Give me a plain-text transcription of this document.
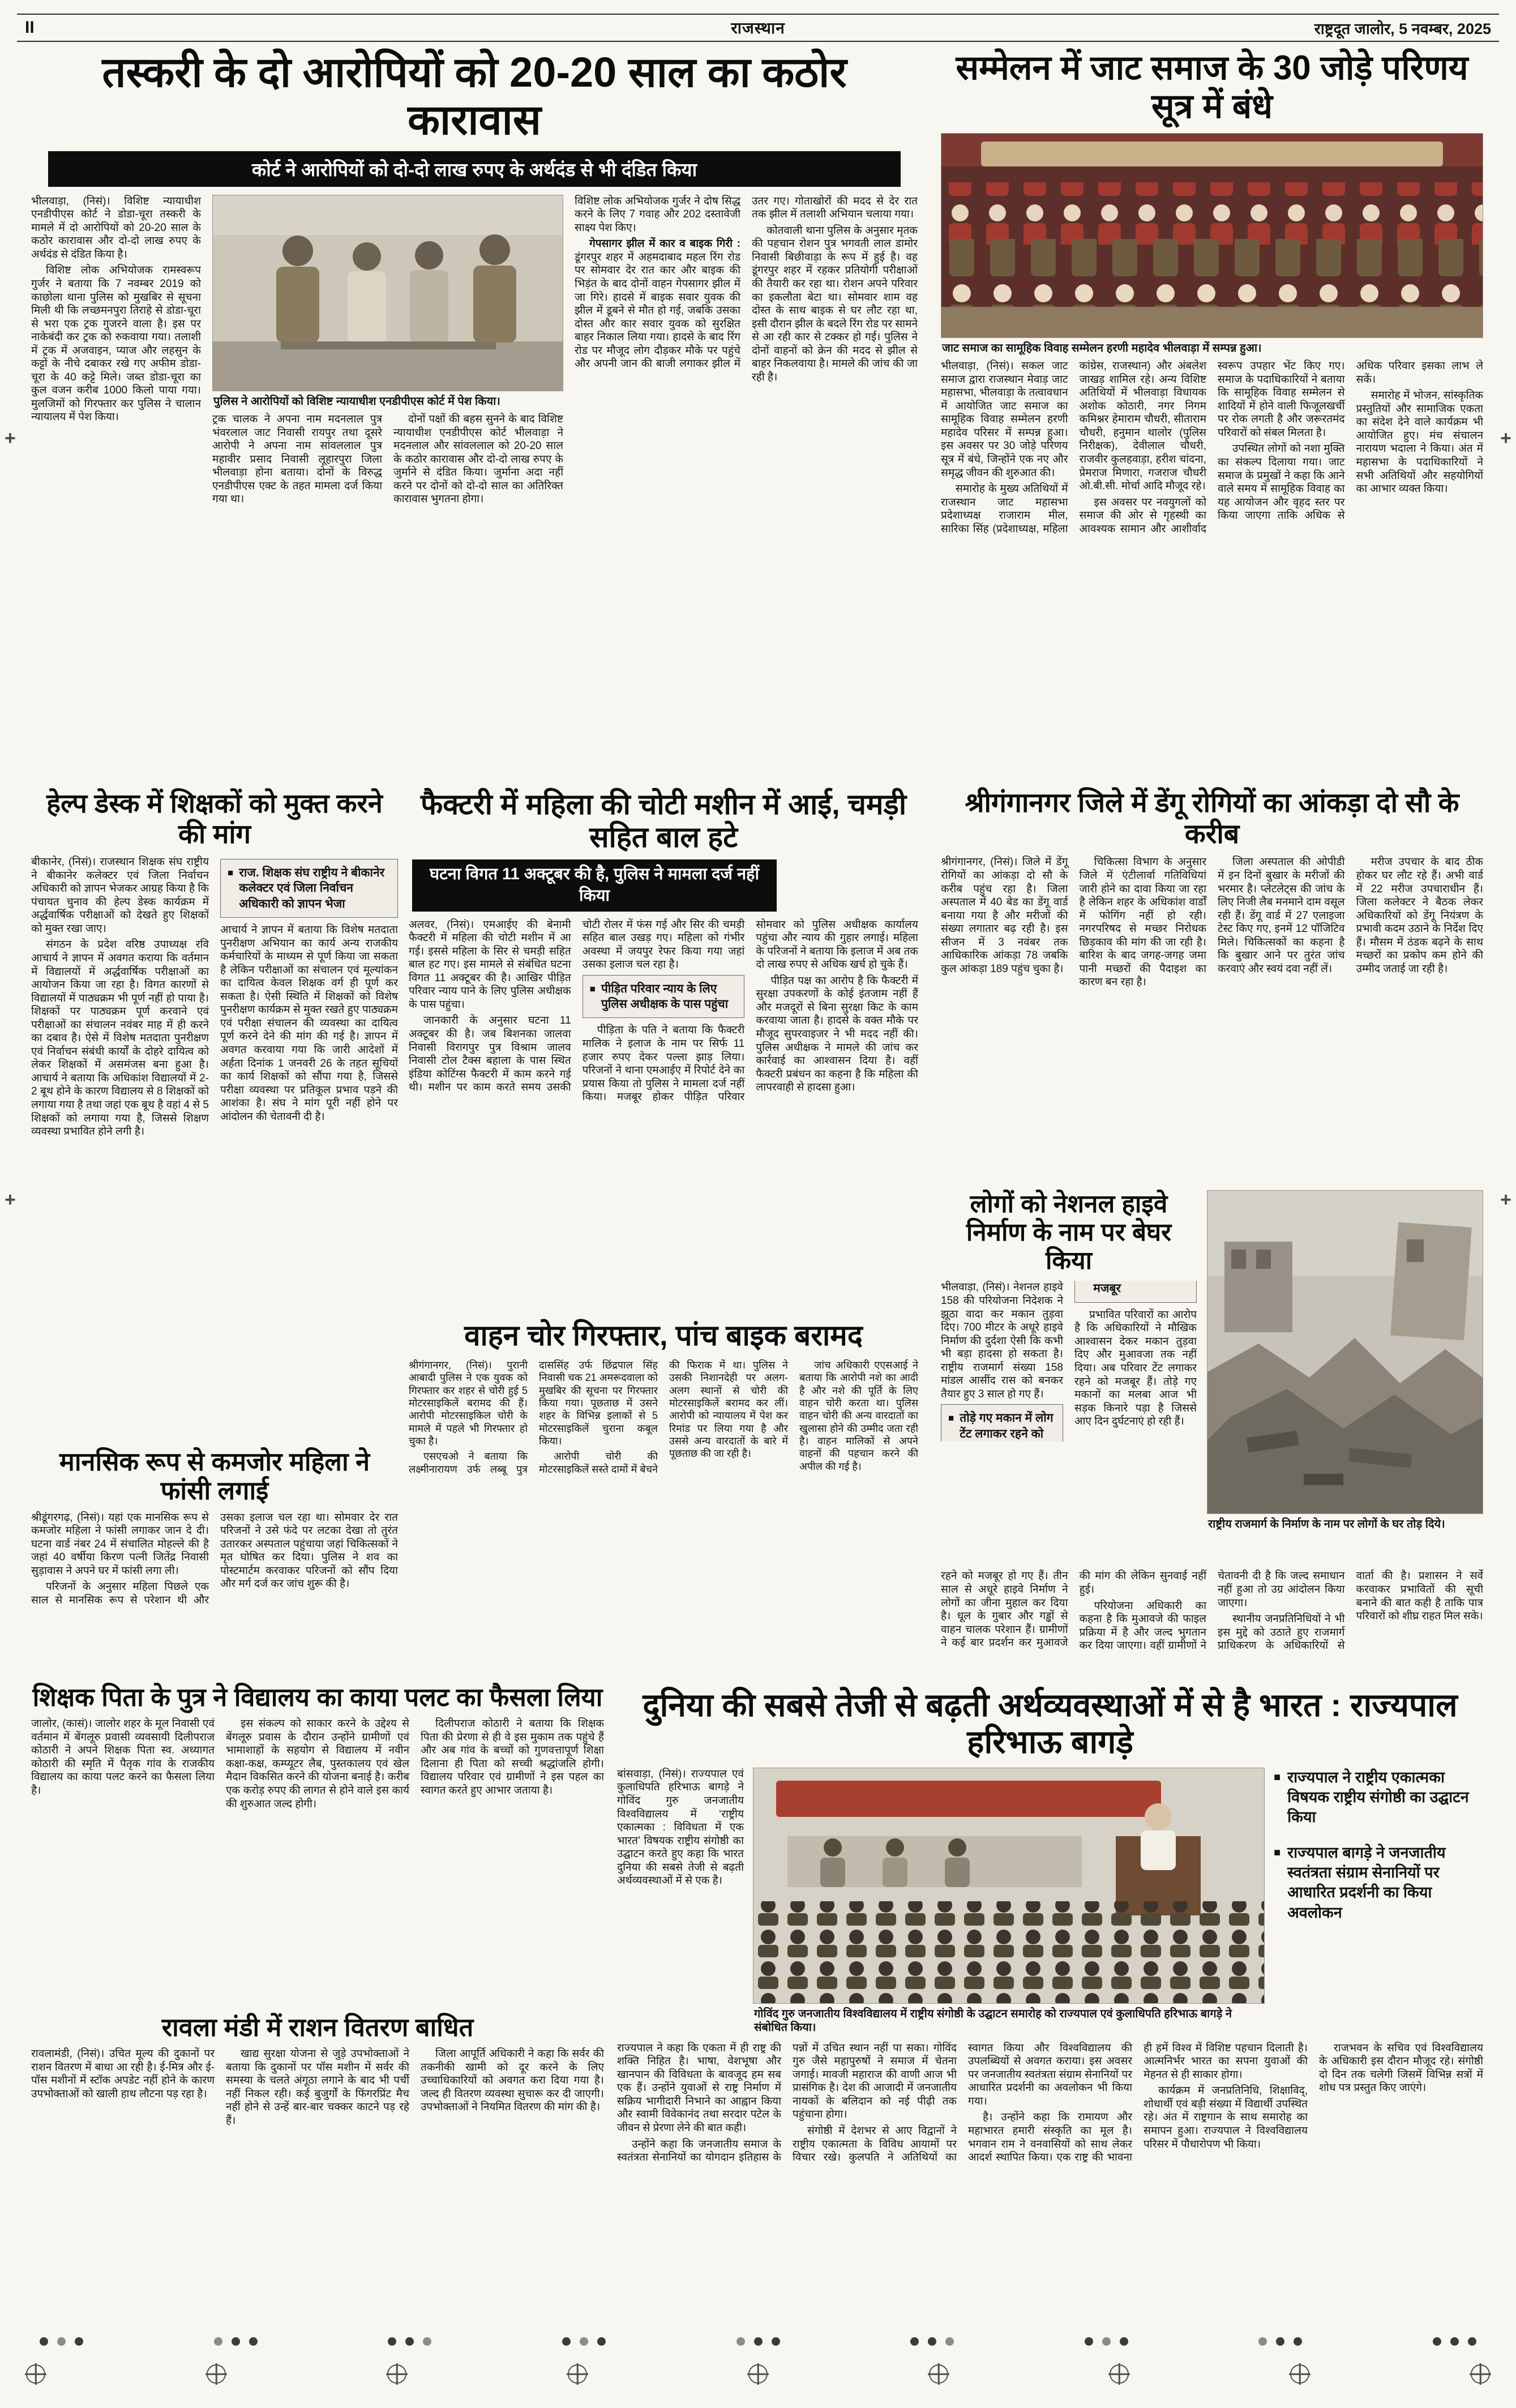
II	राजस्थान	राष्ट्रदूत जालोर, 5 नवम्बर, 2025
तस्करी के दो आरोपियों को 20-20 साल का कठोर कारावास
कोर्ट ने आरोपियों को दो-दो लाख रुपए के अर्थदंड से भी दंडित किया

भीलवाड़ा, (निसं)। विशिष्ट न्यायाधीश एनडीपीएस कोर्ट ने डोडा-चूरा तस्करी के मामले में दो आरोपियों को 20-20 साल के कठोर कारावास और दो-दो लाख रुपए के अर्थदंड से दंडित किया है।

विशिष्ट लोक अभियोजक रामस्वरूप गुर्जर ने बताया कि 7 नवम्बर 2019 को काछोला थाना पुलिस को मुखबिर से सूचना मिली थी कि लच्छमनपुरा तिराहे से डोडा-चूरा से भरा एक ट्रक गुजरने वाला है। इस पर नाकेबंदी कर ट्रक को रुकवाया गया। तलाशी में ट्रक में अजवाइन, प्याज और लहसुन के कट्टों के नीचे दबाकर रखे गए अफीम डोडा-चूरा के 40 कट्टे मिले। जब्त डोडा-चूरा का कुल वजन करीब 1000 किलो पाया गया। मुलजिमों को गिरफ्तार कर पुलिस ने चालान न्यायालय में पेश किया।

पुलिस ने आरोपियों को विशिष्ट न्यायाधीश एनडीपीएस कोर्ट में पेश किया।

ट्रक चालक ने अपना नाम मदनलाल पुत्र भंवरलाल जाट निवासी रायपुर तथा दूसरे आरोपी ने अपना नाम सांवललाल पुत्र महावीर प्रसाद निवासी लूहारपुरा जिला भीलवाड़ा होना बताया। दोनों के विरुद्ध एनडीपीएस एक्ट के तहत मामला दर्ज किया गया था।

दोनों पक्षों की बहस सुनने के बाद विशिष्ट न्यायाधीश एनडीपीएस कोर्ट भीलवाड़ा ने मदनलाल और सांवललाल को 20-20 साल के कठोर कारावास और दो-दो लाख रुपए के जुर्माने से दंडित किया। जुर्माना अदा नहीं करने पर दोनों को दो-दो साल का अतिरिक्त कारावास भुगतना होगा।

विशिष्ट लोक अभियोजक गुर्जर ने दोष सिद्ध करने के लिए 7 गवाह और 202 दस्तावेजी साक्ष्य पेश किए।

गेपसागर झील में कार व बाइक गिरी : डूंगरपुर शहर में अहमदाबाद महल रिंग रोड पर सोमवार देर रात कार और बाइक की भिड़ंत के बाद दोनों वाहन गेपसागर झील में जा गिरे। हादसे में बाइक सवार युवक की झील में डूबने से मौत हो गई, जबकि उसका दोस्त और कार सवार युवक को सुरक्षित बाहर निकाल लिया गया। हादसे के बाद रिंग रोड पर मौजूद लोग दौड़कर मौके पर पहुंचे और अपनी जान की बाजी लगाकर झील में उतर गए। गोताखोरों की मदद से देर रात तक झील में तलाशी अभियान चलाया गया।

कोतवाली थाना पुलिस के अनुसार मृतक की पहचान रोशन पुत्र भगवती लाल डामोर निवासी बिछीवाड़ा के रूप में हुई है। वह डूंगरपुर शहर में रहकर प्रतियोगी परीक्षाओं की तैयारी कर रहा था। रोशन अपने परिवार का इकलौता बेटा था। सोमवार शाम वह दोस्त के साथ बाइक से घर लौट रहा था, इसी दौरान झील के बदले रिंग रोड पर सामने से आ रही कार से टक्कर हो गई। पुलिस ने दोनों वाहनों को क्रेन की मदद से झील से बाहर निकलवाया है। मामले की जांच की जा रही है।

सम्मेलन में जाट समाज के 30 जोड़े परिणय सूत्र में बंधे
जाट समाज का सामूहिक विवाह सम्मेलन हरणी महादेव भीलवाड़ा में सम्पन्न हुआ।

भीलवाड़ा, (निसं)। सकल जाट समाज द्वारा राजस्थान मेवाड़ जाट महासभा, भीलवाड़ा के तत्वावधान में आयोजित जाट समाज का सामूहिक विवाह सम्मेलन हरणी महादेव परिसर में सम्पन्न हुआ। इस अवसर पर 30 जोड़े परिणय सूत्र में बंधे, जिन्होंने एक नए और समृद्ध जीवन की शुरुआत की।

समारोह के मुख्य अतिथियों में राजस्थान जाट महासभा प्रदेशाध्यक्ष राजाराम मील, सारिका सिंह (प्रदेशाध्यक्ष, महिला कांग्रेस, राजस्थान) और अंबलेश जाखड़ शामिल रहे। अन्य विशिष्ट अतिथियों में भीलवाड़ा विधायक अशोक कोठारी, नगर निगम कमिश्नर हेमाराम चौधरी, सीताराम चौधरी, हनुमान थालोर (पुलिस निरीक्षक), देवीलाल चौधरी, राजवीर कुलहवाड़ा, हरीश चांदना, प्रेमराज मिणारा, गजराज चौधरी ओ.बी.सी. मोर्चा आदि मौजूद रहे।

इस अवसर पर नवयुगलों को समाज की ओर से गृहस्थी का आवश्यक सामान और आशीर्वाद स्वरूप उपहार भेंट किए गए। समाज के पदाधिकारियों ने बताया कि सामूहिक विवाह सम्मेलन से शादियों में होने वाली फिजूलखर्ची पर रोक लगती है और जरूरतमंद परिवारों को संबल मिलता है।

उपस्थित लोगों को नशा मुक्ति का संकल्प दिलाया गया। जाट समाज के प्रमुखों ने कहा कि आने वाले समय में सामूहिक विवाह का यह आयोजन और वृहद स्तर पर किया जाएगा ताकि अधिक से अधिक परिवार इसका लाभ ले सकें।

समारोह में भोजन, सांस्कृतिक प्रस्तुतियों और सामाजिक एकता का संदेश देने वाले कार्यक्रम भी आयोजित हुए। मंच संचालन नारायण भदाला ने किया। अंत में महासभा के पदाधिकारियों ने सभी अतिथियों और सहयोगियों का आभार व्यक्त किया।

हेल्प डेस्क में शिक्षकों को मुक्त करने की मांग

बीकानेर, (निसं)। राजस्थान शिक्षक संघ राष्ट्रीय ने बीकानेर कलेक्टर एवं जिला निर्वाचन अधिकारी को ज्ञापन भेजकर आग्रह किया है कि पंचायत चुनाव की हेल्प डेस्क कार्यक्रम में अर्द्धवार्षिक परीक्षाओं को देखते हुए शिक्षकों को मुक्त रखा जाए।

संगठन के प्रदेश वरिष्ठ उपाध्यक्ष रवि आचार्य ने ज्ञापन में अवगत कराया कि वर्तमान में विद्यालयों में अर्द्धवार्षिक परीक्षाओं का आयोजन किया जा रहा है। विगत कारणों से विद्यालयों में पाठ्यक्रम भी पूर्ण नहीं हो पाया है। शिक्षकों पर पाठ्यक्रम पूर्ण करवाने एवं परीक्षाओं का संचालन नवंबर माह में ही करने का दबाव है। ऐसे में विशेष मतदाता पुनरीक्षण एवं निर्वाचन संबंधी कार्यों के दोहरे दायित्व को लेकर शिक्षकों में असमंजस बना हुआ है। आचार्य ने बताया कि अधिकांश विद्यालयों में 2-2 बूथ होने के कारण विद्यालय से 8 शिक्षकों को लगाया गया है तथा जहां एक बूथ है वहां 4 से 5 शिक्षकों को लगाया गया है, जिससे शिक्षण व्यवस्था प्रभावित होने लगी है।

■ राज. शिक्षक संघ राष्ट्रीय ने बीकानेर कलेक्टर एवं जिला निर्वाचन अधिकारी को ज्ञापन भेजा

आचार्य ने ज्ञापन में बताया कि विशेष मतदाता पुनरीक्षण अभियान का कार्य अन्य राजकीय कर्मचारियों के माध्यम से पूर्ण किया जा सकता है लेकिन परीक्षाओं का संचालन एवं मूल्यांकन का दायित्व केवल शिक्षक वर्ग ही पूर्ण कर सकता है। ऐसी स्थिति में शिक्षकों को विशेष पुनरीक्षण कार्यक्रम से मुक्त रखते हुए पाठ्यक्रम एवं परीक्षा संचालन की व्यवस्था का दायित्व पूर्ण करने देने की मांग की गई है। ज्ञापन में अवगत करवाया गया कि जारी आदेशों में अर्हता दिनांक 1 जनवरी 26 के तहत सूचियों का कार्य शिक्षकों को सौंपा गया है, जिससे परीक्षा व्यवस्था पर प्रतिकूल प्रभाव पड़ने की आशंका है। संघ ने मांग पूरी नहीं होने पर आंदोलन की चेतावनी दी है।

फैक्टरी में महिला की चोटी मशीन में आई, चमड़ी सहित बाल हटे
घटना विगत 11 अक्टूबर की है, पुलिस ने मामला दर्ज नहीं किया

अलवर, (निसं)। एमआईए की बेनामी फैक्टरी में महिला की चोटी मशीन में आ गई। इससे महिला के सिर से चमड़ी सहित बाल हट गए। इस मामले से संबंधित घटना विगत 11 अक्टूबर की है। आखिर पीड़ित परिवार न्याय पाने के लिए पुलिस अधीक्षक के पास पहुंचा।

जानकारी के अनुसार घटना 11 अक्टूबर की है। जब बिशनका जालवा निवासी विरागपुर पुत्र विश्राम जालव निवासी टोल टैक्स बहाला के पास स्थित इंडिया कोटिंग्स फैक्टरी में काम करने गई थी। मशीन पर काम करते समय उसकी चोटी रोलर में फंस गई और सिर की चमड़ी सहित बाल उखड़ गए। महिला को गंभीर अवस्था में जयपुर रेफर किया गया जहां उसका इलाज चल रहा है।

■ पीड़ित परिवार न्याय के लिए पुलिस अधीक्षक के पास पहुंचा

पीड़िता के पति ने बताया कि फैक्टरी मालिक ने इलाज के नाम पर सिर्फ 11 हजार रुपए देकर पल्ला झाड़ लिया। परिजनों ने थाना एमआईए में रिपोर्ट देने का प्रयास किया तो पुलिस ने मामला दर्ज नहीं किया। मजबूर होकर पीड़ित परिवार सोमवार को पुलिस अधीक्षक कार्यालय पहुंचा और न्याय की गुहार लगाई। महिला के परिजनों ने बताया कि इलाज में अब तक दो लाख रुपए से अधिक खर्च हो चुके हैं।

पीड़ित पक्ष का आरोप है कि फैक्टरी में सुरक्षा उपकरणों के कोई इंतजाम नहीं हैं और मजदूरों से बिना सुरक्षा किट के काम करवाया जाता है। हादसे के वक्त मौके पर मौजूद सुपरवाइजर ने भी मदद नहीं की। पुलिस अधीक्षक ने मामले की जांच कर कार्रवाई का आश्वासन दिया है। वहीं फैक्टरी प्रबंधन का कहना है कि महिला की लापरवाही से हादसा हुआ।

श्रीगंगानगर जिले में डेंगू रोगियों का आंकड़ा दो सौ के करीब

श्रीगंगानगर, (निसं)। जिले में डेंगू रोगियों का आंकड़ा दो सौ के करीब पहुंच रहा है। जिला अस्पताल में 40 बेड का डेंगू वार्ड बनाया गया है और मरीजों की संख्या लगातार बढ़ रही है। इस सीजन में 3 नवंबर तक आधिकारिक आंकड़ा 78 जबकि कुल आंकड़ा 189 पहुंच चुका है।

चिकित्सा विभाग के अनुसार जिले में एंटीलार्वा गतिविधियां जारी होने का दावा किया जा रहा है लेकिन शहर के अधिकांश वार्डों में फोगिंग नहीं हो रही। नगरपरिषद से मच्छर निरोधक छिड़काव की मांग की जा रही है। बारिश के बाद जगह-जगह जमा पानी मच्छरों की पैदाइश का कारण बन रहा है।

जिला अस्पताल की ओपीडी में इन दिनों बुखार के मरीजों की भरमार है। प्लेटलेट्स की जांच के लिए निजी लैब मनमाने दाम वसूल रही हैं। डेंगू वार्ड में 27 एलाइजा टेस्ट किए गए, इनमें 12 पॉजिटिव मिले। चिकित्सकों का कहना है कि बुखार आने पर तुरंत जांच करवाएं और स्वयं दवा नहीं लें।

मरीज उपचार के बाद ठीक होकर घर लौट रहे हैं। अभी वार्ड में 22 मरीज उपचाराधीन हैं। जिला कलेक्टर ने बैठक लेकर अधिकारियों को डेंगू नियंत्रण के प्रभावी कदम उठाने के निर्देश दिए हैं। मौसम में ठंडक बढ़ने के साथ मच्छरों का प्रकोप कम होने की उम्मीद जताई जा रही है।

लोगों को नेशनल हाइवे निर्माण के नाम पर बेघर किया

भीलवाड़ा, (निसं)। नेशनल हाइवे 158 की परियोजना निदेशक ने झूठा वादा कर मकान तुड़वा दिए। 700 मीटर के अधूरे हाइवे निर्माण की दुर्दशा ऐसी कि कभी भी बड़ा हादसा हो सकता है। राष्ट्रीय राजमार्ग संख्या 158 मांडल आसींद रास को बनकर तैयार हुए 3 साल हो गए हैं।

■ तोड़े गए मकान में लोग टेंट लगाकर रहने को मजबूर

प्रभावित परिवारों का आरोप है कि अधिकारियों ने मौखिक आश्वासन देकर मकान तुड़वा दिए और मुआवजा तक नहीं दिया। अब परिवार टेंट लगाकर रहने को मजबूर हैं। तोड़े गए मकानों का मलबा आज भी सड़क किनारे पड़ा है जिससे आए दिन दुर्घटनाएं हो रही हैं।

राष्ट्रीय राजमार्ग के निर्माण के नाम पर लोगों के घर तोड़ दिये।

रहने को मजबूर हो गए हैं। तीन साल से अधूरे हाइवे निर्माण ने लोगों का जीना मुहाल कर दिया है। धूल के गुबार और गड्ढों से वाहन चालक परेशान हैं। ग्रामीणों ने कई बार प्रदर्शन कर मुआवजे की मांग की लेकिन सुनवाई नहीं हुई।

परियोजना अधिकारी का कहना है कि मुआवजे की फाइल प्रक्रिया में है और जल्द भुगतान कर दिया जाएगा। वहीं ग्रामीणों ने चेतावनी दी है कि जल्द समाधान नहीं हुआ तो उग्र आंदोलन किया जाएगा।

स्थानीय जनप्रतिनिधियों ने भी इस मुद्दे को उठाते हुए राजमार्ग प्राधिकरण के अधिकारियों से वार्ता की है। प्रशासन ने सर्वे करवाकर प्रभावितों की सूची बनाने की बात कही है ताकि पात्र परिवारों को शीघ्र राहत मिल सके।

मानसिक रूप से कमजोर महिला ने फांसी लगाई

श्रीडूंगरगढ़, (निसं)। यहां एक मानसिक रूप से कमजोर महिला ने फांसी लगाकर जान दे दी। घटना वार्ड नंबर 24 में संचालित मोहल्ले की है जहां 40 वर्षीया किरण पत्नी जितेंद्र निवासी सुड़ावास ने अपने घर में फांसी लगा ली।

परिजनों के अनुसार महिला पिछले एक साल से मानसिक रूप से परेशान थी और उसका इलाज चल रहा था। सोमवार देर रात परिजनों ने उसे फंदे पर लटका देखा तो तुरंत उतारकर अस्पताल पहुंचाया जहां चिकित्सकों ने मृत घोषित कर दिया। पुलिस ने शव का पोस्टमार्टम करवाकर परिजनों को सौंप दिया और मर्ग दर्ज कर जांच शुरू की है।

वाहन चोर गिरफ्तार, पांच बाइक बरामद

श्रीगंगानगर, (निसं)। पुरानी आबादी पुलिस ने एक युवक को गिरफ्तार कर शहर से चोरी हुई 5 मोटरसाइकिलें बरामद की हैं। आरोपी मोटरसाइकिल चोरी के मामले में पहले भी गिरफ्तार हो चुका है।

एसएचओ ने बताया कि लक्ष्मीनारायण उर्फ लब्बू पुत्र दाससिंह उर्फ छिंद्रपाल सिंह निवासी चक 21 अमरूदवाला को मुखबिर की सूचना पर गिरफ्तार किया गया। पूछताछ में उसने शहर के विभिन्न इलाकों से 5 मोटरसाइकिलें चुराना कबूल किया।

आरोपी चोरी की मोटरसाइकिलें सस्ते दामों में बेचने की फिराक में था। पुलिस ने उसकी निशानदेही पर अलग-अलग स्थानों से चोरी की मोटरसाइकिलें बरामद कर लीं। आरोपी को न्यायालय में पेश कर रिमांड पर लिया गया है और उससे अन्य वारदातों के बारे में पूछताछ की जा रही है।

जांच अधिकारी एएसआई ने बताया कि आरोपी नशे का आदी है और नशे की पूर्ति के लिए वाहन चोरी करता था। पुलिस वाहन चोरी की अन्य वारदातों का खुलासा होने की उम्मीद जता रही है। वाहन मालिकों से अपने वाहनों की पहचान करने की अपील की गई है।

शिक्षक पिता के पुत्र ने विद्यालय का काया पलट का फैसला लिया

जालोर, (कासं)। जालोर शहर के मूल निवासी एवं वर्तमान में बेंगलूरु प्रवासी व्यवसायी दिलीपराज कोठारी ने अपने शिक्षक पिता स्व. अध्यागत कोठारी की स्मृति में पैतृक गांव के राजकीय विद्यालय का काया पलट करने का फैसला लिया है।

इस संकल्प को साकार करने के उद्देश्य से बेंगलूरु प्रवास के दौरान उन्होंने ग्रामीणों एवं भामाशाहों के सहयोग से विद्यालय में नवीन कक्षा-कक्ष, कम्प्यूटर लैब, पुस्तकालय एवं खेल मैदान विकसित करने की योजना बनाई है। करीब एक करोड़ रुपए की लागत से होने वाले इस कार्य की शुरुआत जल्द होगी।

दिलीपराज कोठारी ने बताया कि शिक्षक पिता की प्रेरणा से ही वे इस मुकाम तक पहुंचे हैं और अब गांव के बच्चों को गुणवत्तापूर्ण शिक्षा दिलाना ही पिता को सच्ची श्रद्धांजलि होगी। विद्यालय परिवार एवं ग्रामीणों ने इस पहल का स्वागत करते हुए आभार जताया है।

दुनिया की सबसे तेजी से बढ़ती अर्थव्यवस्थाओं में से है भारत : राज्यपाल हरिभाऊ बागड़े

बांसवाड़ा, (निसं)। राज्यपाल एवं कुलाधिपति हरिभाऊ बागड़े ने गोविंद गुरु जनजातीय विश्वविद्यालय में ‘राष्ट्रीय एकात्मका : विविधता में एक भारत’ विषयक राष्ट्रीय संगोष्ठी का उद्घाटन करते हुए कहा कि भारत दुनिया की सबसे तेजी से बढ़ती अर्थव्यवस्थाओं में से एक है।

गोविंद गुरु जनजातीय विश्वविद्यालय में राष्ट्रीय संगोष्ठी के उद्घाटन समारोह को राज्यपाल एवं कुलाधिपति हरिभाऊ बागड़े ने संबोधित किया।
■ राज्यपाल ने राष्ट्रीय एकात्मका विषयक राष्ट्रीय संगोष्ठी का उद्घाटन किया
■ राज्यपाल बागड़े ने जनजातीय स्वतंत्रता संग्राम सेनानियों पर आधारित प्रदर्शनी का किया अवलोकन

राज्यपाल ने कहा कि एकता में ही राष्ट्र की शक्ति निहित है। भाषा, वेशभूषा और खानपान की विविधता के बावजूद हम सब एक हैं। उन्होंने युवाओं से राष्ट्र निर्माण में सक्रिय भागीदारी निभाने का आह्वान किया और स्वामी विवेकानंद तथा सरदार पटेल के जीवन से प्रेरणा लेने की बात कही।

उन्होंने कहा कि जनजातीय समाज के स्वतंत्रता सेनानियों का योगदान इतिहास के पन्नों में उचित स्थान नहीं पा सका। गोविंद गुरु जैसे महापुरुषों ने समाज में चेतना जगाई। मावजी महाराज की वाणी आज भी प्रासंगिक है। देश की आजादी में जनजातीय नायकों के बलिदान को नई पीढ़ी तक पहुंचाना होगा।

संगोष्ठी में देशभर से आए विद्वानों ने राष्ट्रीय एकात्मता के विविध आयामों पर विचार रखे। कुलपति ने अतिथियों का स्वागत किया और विश्वविद्यालय की उपलब्धियों से अवगत कराया। इस अवसर पर जनजातीय स्वतंत्रता संग्राम सेनानियों पर आधारित प्रदर्शनी का अवलोकन भी किया गया।

है। उन्होंने कहा कि रामायण और महाभारत हमारी संस्कृति का मूल है। भगवान राम ने वनवासियों को साथ लेकर आदर्श स्थापित किया। एक राष्ट्र की भावना ही हमें विश्व में विशिष्ट पहचान दिलाती है। आत्मनिर्भर भारत का सपना युवाओं की मेहनत से ही साकार होगा।

कार्यक्रम में जनप्रतिनिधि, शिक्षाविद्, शोधार्थी एवं बड़ी संख्या में विद्यार्थी उपस्थित रहे। अंत में राष्ट्रगान के साथ समारोह का समापन हुआ। राज्यपाल ने विश्वविद्यालय परिसर में पौधारोपण भी किया।

राजभवन के सचिव एवं विश्वविद्यालय के अधिकारी इस दौरान मौजूद रहे। संगोष्ठी दो दिन तक चलेगी जिसमें विभिन्न सत्रों में शोध पत्र प्रस्तुत किए जाएंगे।

रावला मंडी में राशन वितरण बाधित

रावलामंडी, (निसं)। उचित मूल्य की दुकानों पर राशन वितरण में बाधा आ रही है। ई-मित्र और ई-पॉस मशीनों में स्टॉक अपडेट नहीं होने के कारण उपभोक्ताओं को खाली हाथ लौटना पड़ रहा है।

खाद्य सुरक्षा योजना से जुड़े उपभोक्ताओं ने बताया कि दुकानों पर पॉस मशीन में सर्वर की समस्या के चलते अंगूठा लगाने के बाद भी पर्ची नहीं निकल रही। कई बुजुर्गों के फिंगरप्रिंट मैच नहीं होने से उन्हें बार-बार चक्कर काटने पड़ रहे हैं।

जिला आपूर्ति अधिकारी ने कहा कि सर्वर की तकनीकी खामी को दूर करने के लिए उच्चाधिकारियों को अवगत करा दिया गया है। जल्द ही वितरण व्यवस्था सुचारू कर दी जाएगी। उपभोक्ताओं ने नियमित वितरण की मांग की है।

+	+
+	+
